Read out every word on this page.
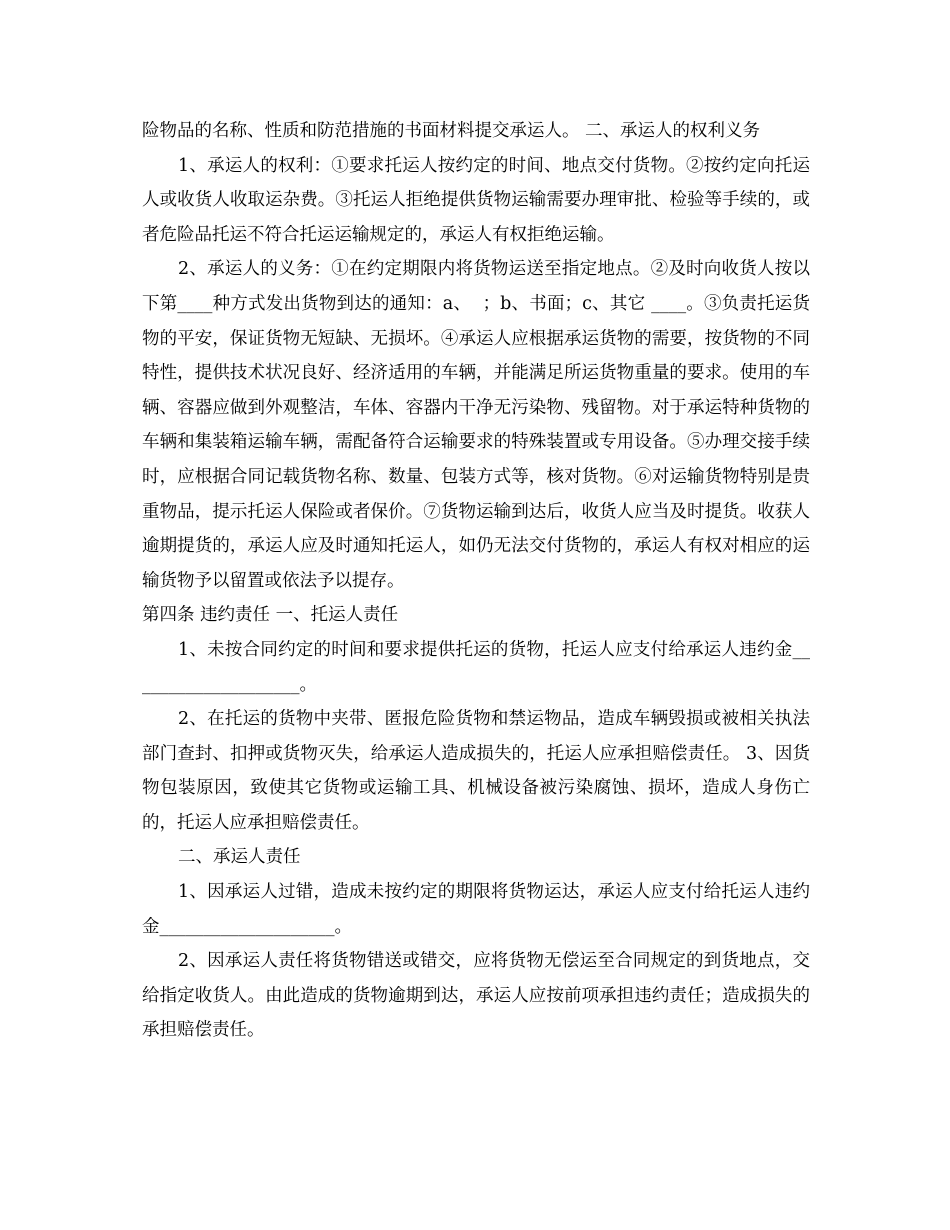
险物品的名称、性质和防范措施的书面材料提交承运人。 二、承运人的权利义务

1、承运人的权利：①要求托运人按约定的时间、地点交付货物。②按约定向托运人或收货人收取运杂费。③托运人拒绝提供货物运输需要办理审批、检验等手续的，或者危险品托运不符合托运运输规定的，承运人有权拒绝运输。

2、承运人的义务：①在约定期限内将货物运送至指定地点。②及时向收货人按以下第____种方式发出货物到达的通知：a、  ；b、书面；c、其它 ____。③负责托运货物的平安，保证货物无短缺、无损坏。④承运人应根据承运货物的需要，按货物的不同特性，提供技术状况良好、经济适用的车辆，并能满足所运货物重量的要求。使用的车辆、容器应做到外观整洁，车体、容器内干净无污染物、残留物。对于承运特种货物的车辆和集装箱运输车辆，需配备符合运输要求的特殊装置或专用设备。⑤办理交接手续时，应根据合同记载货物名称、数量、包装方式等，核对货物。⑥对运输货物特别是贵重物品，提示托运人保险或者保价。⑦货物运输到达后，收货人应当及时提货。收获人逾期提货的，承运人应及时通知托运人，如仍无法交付货物的，承运人有权对相应的运输货物予以留置或依法予以提存。

第四条 违约责任 一、托运人责任

1、未按合同约定的时间和要求提供托运的货物，托运人应支付给承运人违约金____________________。

2、在托运的货物中夹带、匿报危险货物和禁运物品，造成车辆毁损或被相关执法部门查封、扣押或货物灭失，给承运人造成损失的，托运人应承担赔偿责任。 3、因货物包装原因，致使其它货物或运输工具、机械设备被污染腐蚀、损坏，造成人身伤亡的，托运人应承担赔偿责任。

二、承运人责任

1、因承运人过错，造成未按约定的期限将货物运达，承运人应支付给托运人违约金____________________。

2、因承运人责任将货物错送或错交，应将货物无偿运至合同规定的到货地点，交给指定收货人。由此造成的货物逾期到达，承运人应按前项承担违约责任；造成损失的承担赔偿责任。
